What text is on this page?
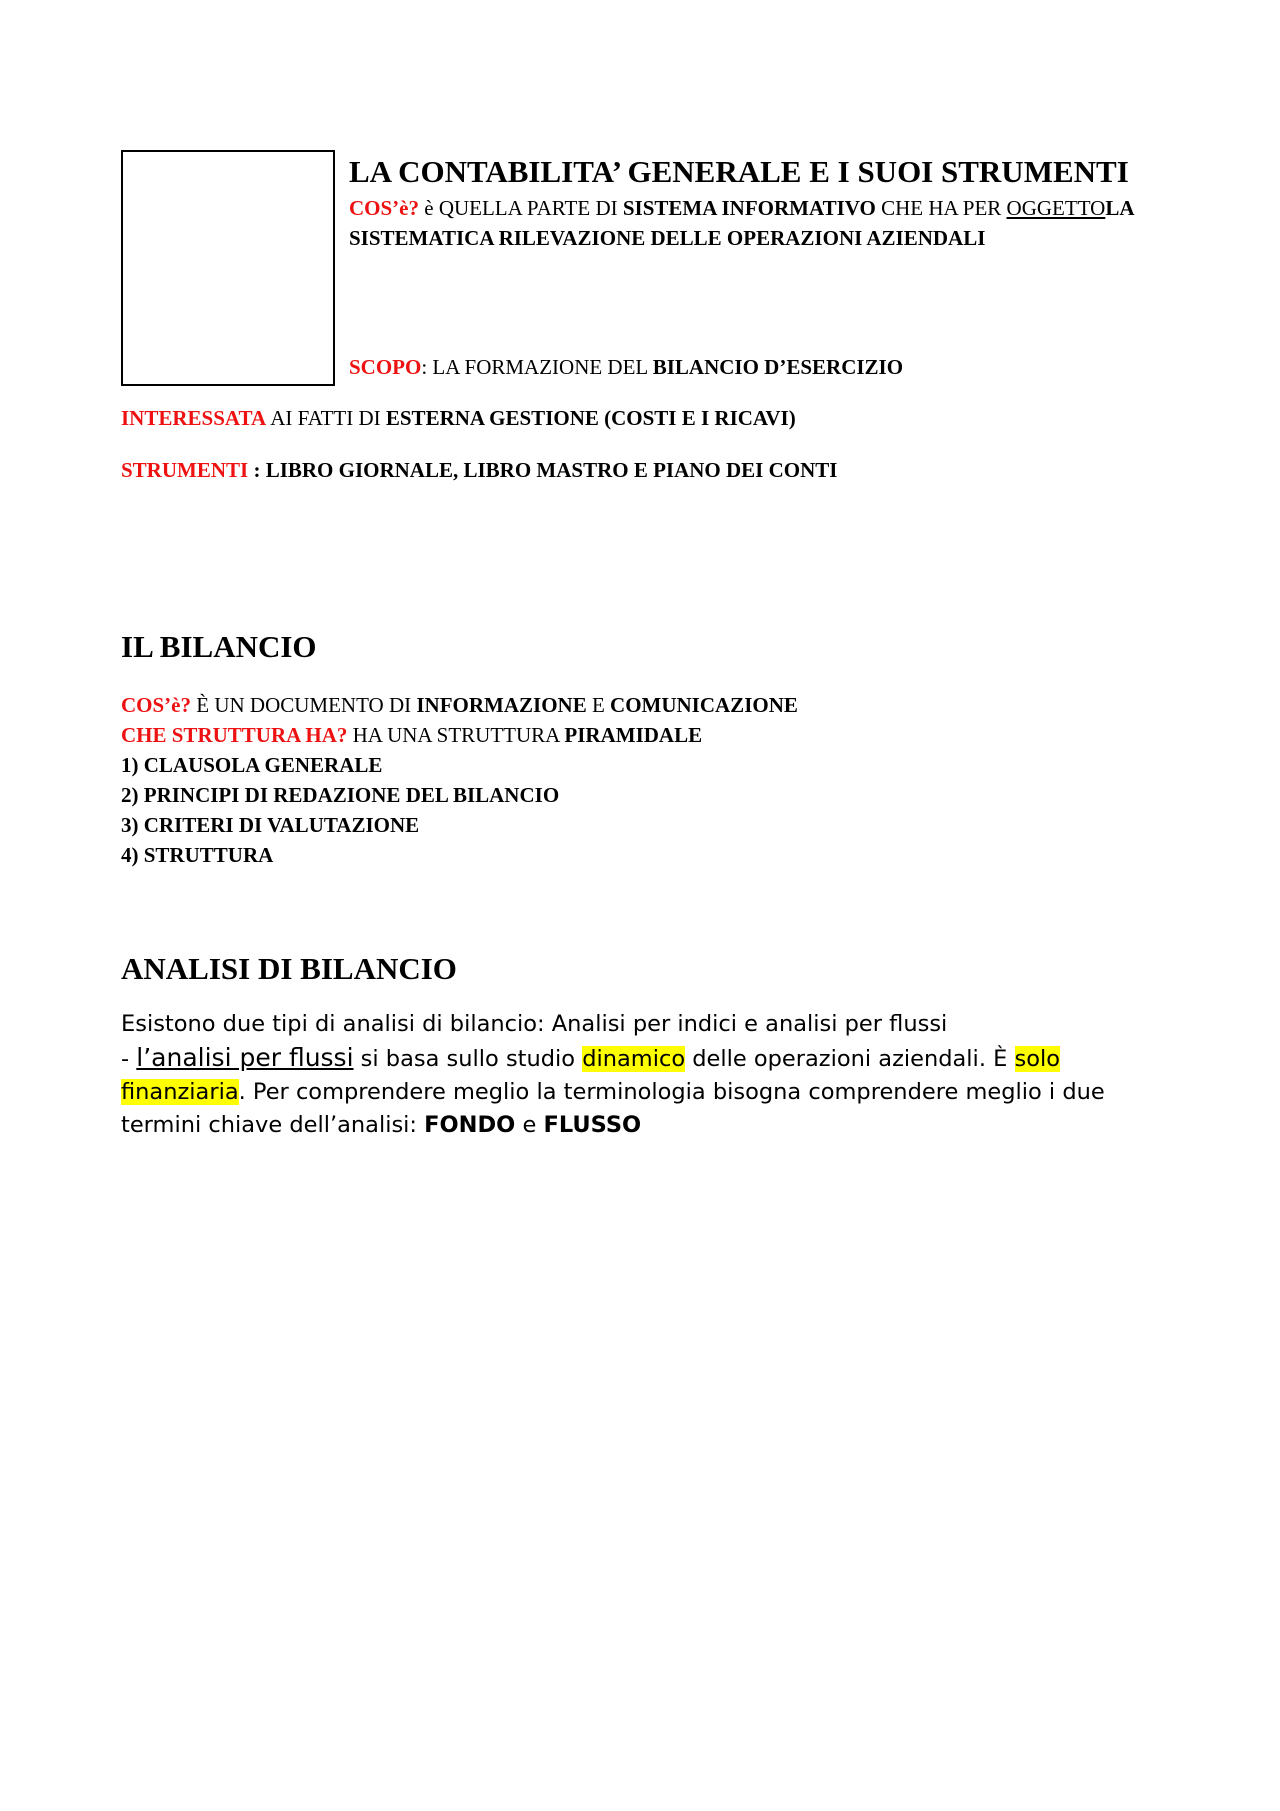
LA CONTABILITA’ GENERALE E I SUOI STRUMENTI

COS’è? è QUELLA PARTE DI SISTEMA INFORMATIVO CHE HA PER OGGETTOLA SISTEMATICA RILEVAZIONE DELLE OPERAZIONI AZIENDALI

SCOPO: LA FORMAZIONE DEL BILANCIO D’ESERCIZIO
INTERESSATA AI FATTI DI ESTERNA GESTIONE (COSTI E I RICAVI)
STRUMENTI : LIBRO GIORNALE, LIBRO MASTRO E PIANO DEI CONTI
IL BILANCIO
COS’è? È UN DOCUMENTO DI INFORMAZIONE E COMUNICAZIONE
CHE STRUTTURA HA? HA UNA STRUTTURA PIRAMIDALE
1) CLAUSOLA GENERALE
2) PRINCIPI DI REDAZIONE DEL BILANCIO
3) CRITERI DI VALUTAZIONE
4) STRUTTURA
ANALISI DI BILANCIO
Esistono due tipi di analisi di bilancio: Analisi per indici e analisi per flussi
- l’analisi per flussi si basa sullo studio dinamico delle operazioni aziendali. È solo finanziaria. Per comprendere meglio la terminologia bisogna comprendere meglio i due termini chiave dell’analisi: FONDO e FLUSSO
